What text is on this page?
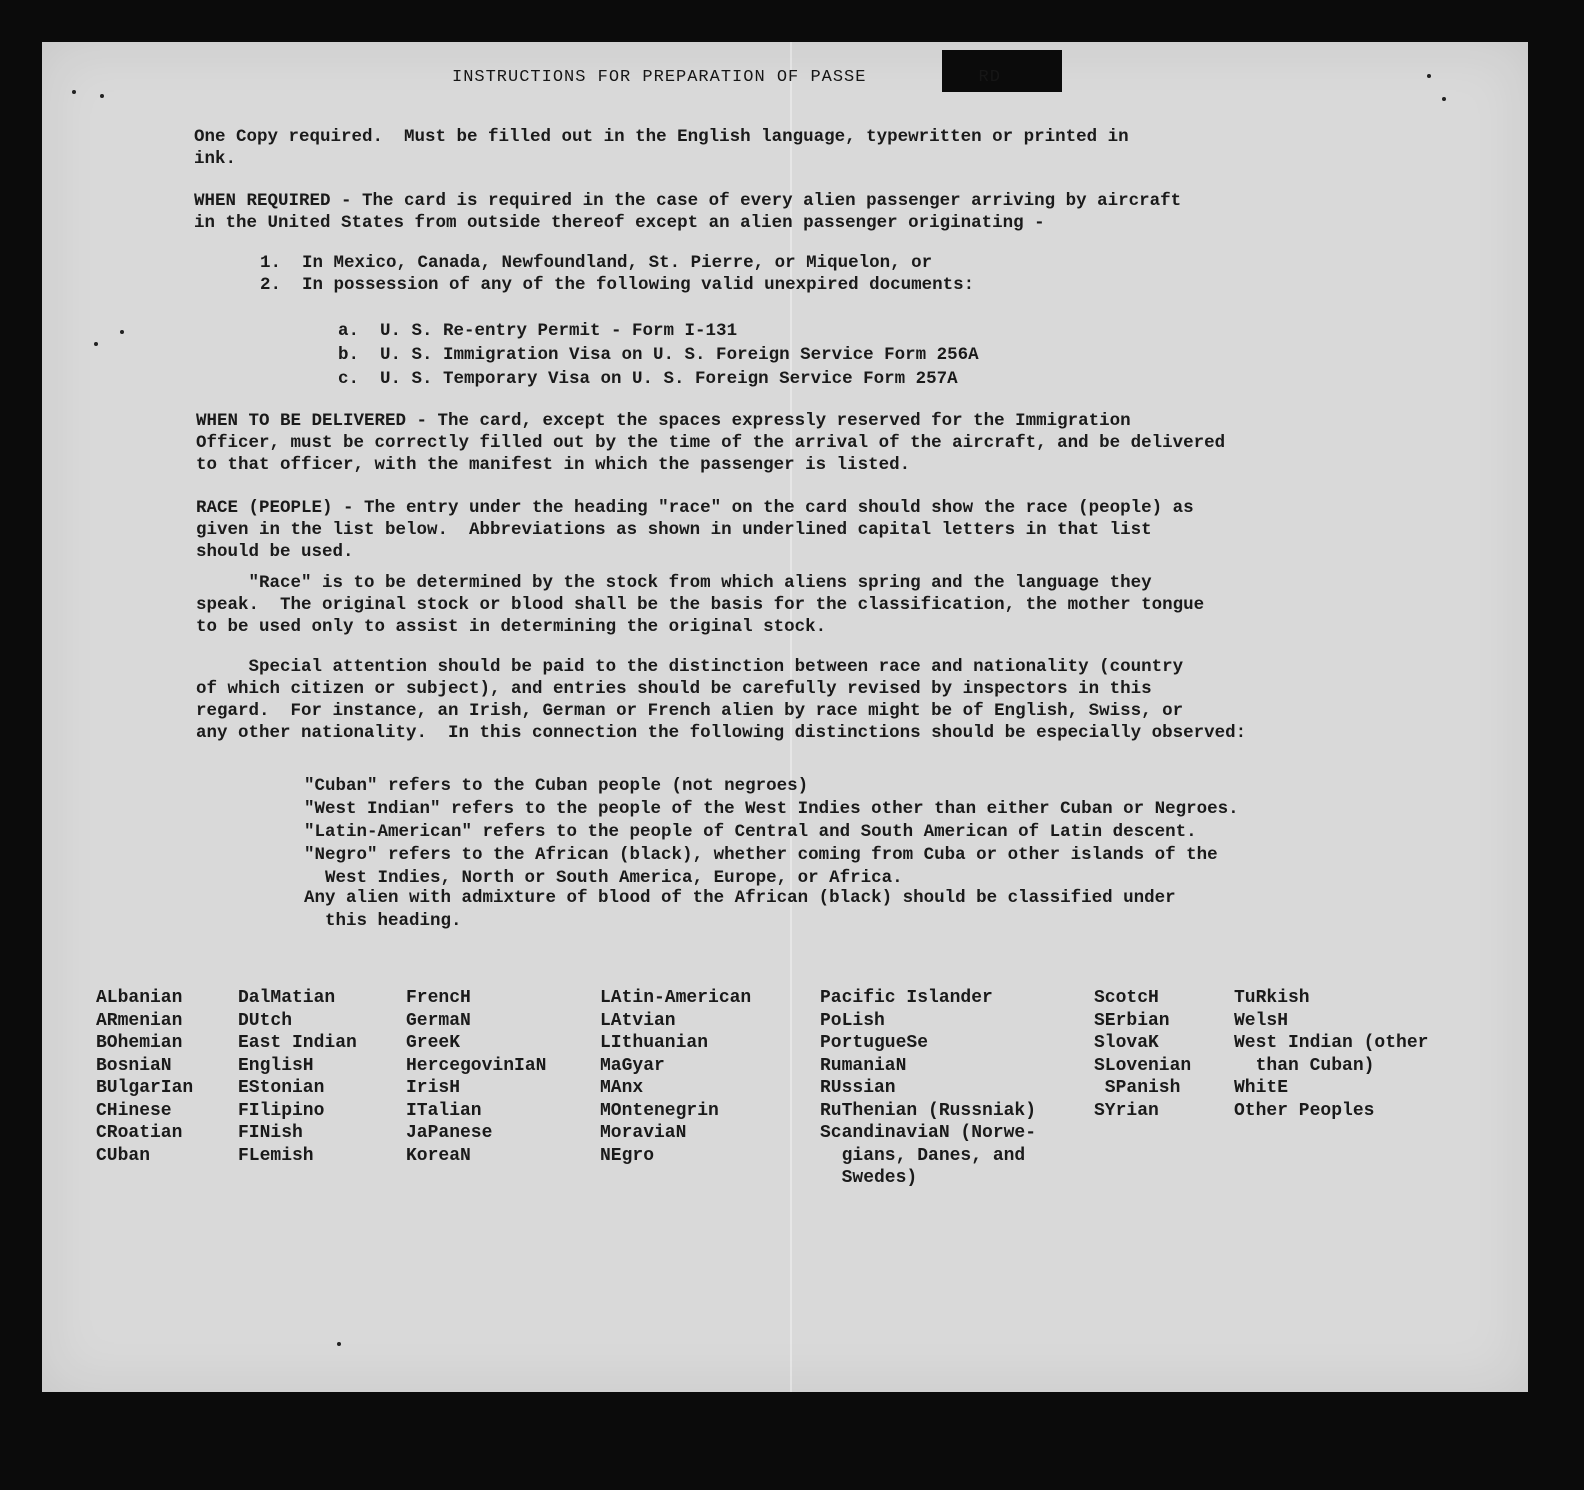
INSTRUCTIONS FOR PREPARATION OF PASSE	RD
One Copy required.  Must be filled out in the English language, typewritten or printed in
ink.
WHEN REQUIRED - The card is required in the case of every alien passenger arriving by aircraft
in the United States from outside thereof except an alien passenger originating -
1.  In Mexico, Canada, Newfoundland, St. Pierre, or Miquelon, or
2.  In possession of any of the following valid unexpired documents:
a.  U. S. Re-entry Permit - Form I-131
b.  U. S. Immigration Visa on U. S. Foreign Service Form 256A
c.  U. S. Temporary Visa on U. S. Foreign Service Form 257A
WHEN TO BE DELIVERED - The card, except the spaces expressly reserved for the Immigration
Officer, must be correctly filled out by the time of the arrival of the aircraft, and be delivered
to that officer, with the manifest in which the passenger is listed.
RACE (PEOPLE) - The entry under the heading "race" on the card should show the race (people) as
given in the list below.  Abbreviations as shown in underlined capital letters in that list
should be used.
"Race" is to be determined by the stock from which aliens spring and the language they
speak.  The original stock or blood shall be the basis for the classification, the mother tongue
to be used only to assist in determining the original stock.
Special attention should be paid to the distinction between race and nationality (country
of which citizen or subject), and entries should be carefully revised by inspectors in this
regard.  For instance, an Irish, German or French alien by race might be of English, Swiss, or
any other nationality.  In this connection the following distinctions should be especially observed:
"Cuban" refers to the Cuban people (not negroes)
"West Indian" refers to the people of the West Indies other than either Cuban or Negroes.
"Latin-American" refers to the people of Central and South American of Latin descent.
"Negro" refers to the African (black), whether coming from Cuba or other islands of the
West Indies, North or South America, Europe, or Africa.
Any alien with admixture of blood of the African (black) should be classified under
this heading.
ALbanian
ARmenian
BOhemian
BosniaN
BUlgarIan
CHinese
CRoatian
CUban
DalMatian
DUtch
East Indian
EnglisH
EStonian
FIlipino
FINish
FLemish
FrencH
GermaN
GreeK
HercegovinIaN
IrisH
ITalian
JaPanese
KoreaN
LAtin-American
LAtvian
LIthuanian
MaGyar
MAnx
MOntenegrin
MoraviaN
NEgro
Pacific Islander
PoLish
PortugueSe
RumaniaN
RUssian
RuThenian (Russniak)
ScandinaviaN (Norwe-
gians, Danes, and
Swedes)
ScotcH
SErbian
SlovaK
SLovenian
SPanish
SYrian
TuRkish
WelsH
West Indian (other
than Cuban)
WhitE
Other Peoples
